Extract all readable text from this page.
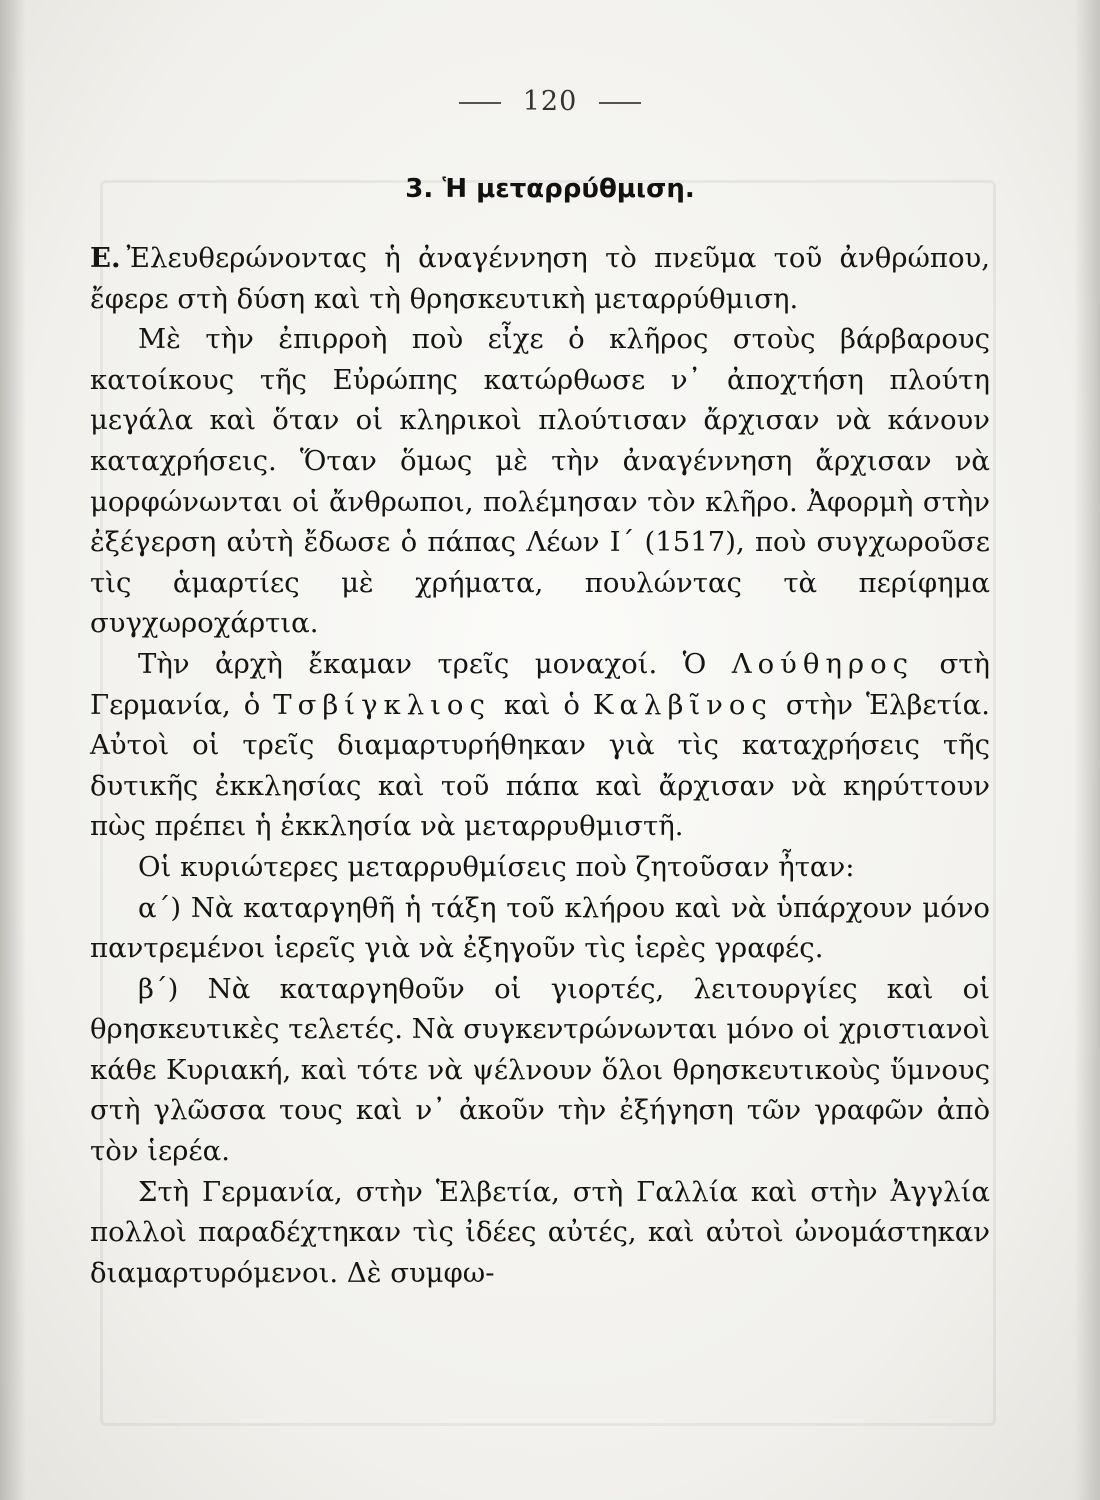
120
3. Ἡ μεταρρύθμιση.

Ε. Ἐλευθερώνοντας ἡ ἀναγέννηση τὸ πνεῦμα τοῦ ἀνθρώπου, ἔφερε στὴ δύση καὶ τὴ θρησκευτικὴ μεταρρύθμιση.

Μὲ τὴν ἐπιρροὴ ποὺ εἶχε ὁ κλῆρος στοὺς βάρβαρους κατοίκους τῆς Εὐρώπης κατώρθωσε ν᾿ ἀποχτήση πλούτη μεγάλα καὶ ὅταν οἱ κληρικοὶ πλούτισαν ἄρχισαν νὰ κάνουν καταχρήσεις. Ὅταν ὅμως μὲ τὴν ἀναγέννηση ἄρχισαν νὰ μορφώνωνται οἱ ἄνθρωποι, πολέμησαν τὸν κλῆρο. Ἀφορμὴ στὴν ἐξέγερση αὐτὴ ἔδωσε ὁ πάπας Λέων Ι΄ (1517), ποὺ συγχωροῦσε τὶς ἁμαρτίες μὲ χρήματα, πουλώντας τὰ περίφημα συγχωροχάρτια.

Τὴν ἀρχὴ ἔκαμαν τρεῖς μοναχοί. Ὁ Λούθηρος στὴ Γερμανία, ὁ Τσβίγκλιος καὶ ὁ Καλβῖνος στὴν Ἑλβετία. Αὐτοὶ οἱ τρεῖς διαμαρτυρήθηκαν γιὰ τὶς καταχρήσεις τῆς δυτικῆς ἐκκλησίας καὶ τοῦ πάπα καὶ ἄρχισαν νὰ κηρύττουν πὼς πρέπει ἡ ἐκκλησία νὰ μεταρρυθμιστῆ.

Οἱ κυριώτερες μεταρρυθμίσεις ποὺ ζητοῦσαν ἦταν:

α΄) Νὰ καταργηθῆ ἡ τάξη τοῦ κλήρου καὶ νὰ ὑπάρχουν μόνο παντρεμένοι ἱερεῖς γιὰ νὰ ἐξηγοῦν τὶς ἱερὲς γραφές.

β΄) Νὰ καταργηθοῦν οἱ γιορτές, λειτουργίες καὶ οἱ θρησκευτικὲς τελετές. Νὰ συγκεντρώνωνται μόνο οἱ χριστιανοὶ κάθε Κυριακή, καὶ τότε νὰ ψέλνουν ὅλοι θρησκευτικοὺς ὕμνους στὴ γλῶσσα τους καὶ ν᾿ ἀκοῦν τὴν ἐξήγηση τῶν γραφῶν ἀπὸ τὸν ἱερέα.

Στὴ Γερμανία, στὴν Ἑλβετία, στὴ Γαλλία καὶ στὴν Ἀγγλία πολλοὶ παραδέχτηκαν τὶς ἰδέες αὐτές, καὶ αὐτοὶ ὠνομάστηκαν διαμαρτυρόμενοι. Δὲ συμφω-
